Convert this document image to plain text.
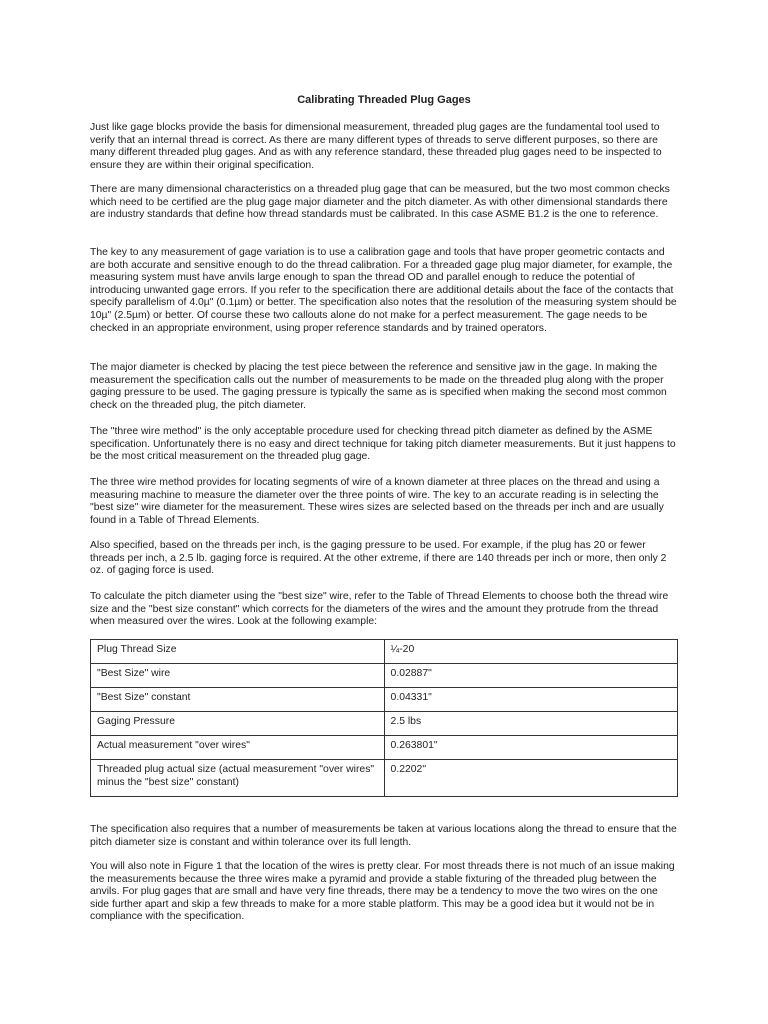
Calibrating Threaded Plug Gages

Just like gage blocks provide the basis for dimensional measurement, threaded plug gages are the fundamental tool used to verify that an internal thread is correct. As there are many different types of threads to serve different purposes, so there are many different threaded plug gages. And as with any reference standard, these threaded plug gages need to be inspected to ensure they are within their original specification.

There are many dimensional characteristics on a threaded plug gage that can be measured, but the two most common checks which need to be certified are the plug gage major diameter and the pitch diameter. As with other dimensional standards there are industry standards that define how thread standards must be calibrated. In this case ASME B1.2 is the one to reference.

The key to any measurement of gage variation is to use a calibration gage and tools that have proper geometric contacts and are both accurate and sensitive enough to do the thread calibration. For a threaded gage plug major diameter, for example, the measuring system must have anvils large enough to span the thread OD and parallel enough to reduce the potential of introducing unwanted gage errors. If you refer to the specification there are additional details about the face of the contacts that specify parallelism of 4.0µ" (0.1µm) or better. The specification also notes that the resolution of the measuring system should be 10µ" (2.5µm) or better. Of course these two callouts alone do not make for a perfect measurement. The gage needs to be checked in an appropriate environment, using proper reference standards and by trained operators.

The major diameter is checked by placing the test piece between the reference and sensitive jaw in the gage. In making the measurement the specification calls out the number of measurements to be made on the threaded plug along with the proper gaging pressure to be used. The gaging pressure is typically the same as is specified when making the second most common check on the threaded plug, the pitch diameter.

The "three wire method" is the only acceptable procedure used for checking thread pitch diameter as defined by the ASME specification. Unfortunately there is no easy and direct technique for taking pitch diameter measurements. But it just happens to be the most critical measurement on the threaded plug gage.

The three wire method provides for locating segments of wire of a known diameter at three places on the thread and using a measuring machine to measure the diameter over the three points of wire. The key to an accurate reading is in selecting the "best size" wire diameter for the measurement. These wires sizes are selected based on the threads per inch and are usually found in a Table of Thread Elements.

Also specified, based on the threads per inch, is the gaging pressure to be used. For example, if the plug has 20 or fewer threads per inch, a 2.5 lb. gaging force is required. At the other extreme, if there are 140 threads per inch or more, then only 2 oz. of gaging force is used.

To calculate the pitch diameter using the "best size" wire, refer to the Table of Thread Elements to choose both the thread wire size and the "best size constant" which corrects for the diameters of the wires and the amount they protrude from the thread when measured over the wires. Look at the following example:

Plug Thread Size	¼-20
"Best Size" wire	0.02887"
"Best Size" constant	0.04331"
Gaging Pressure	2.5 lbs
Actual measurement "over wires"	0.263801"
Threaded plug actual size (actual measurement "over wires" minus the "best size" constant)	0.2202"

The specification also requires that a number of measurements be taken at various locations along the thread to ensure that the pitch diameter size is constant and within tolerance over its full length.

You will also note in Figure 1 that the location of the wires is pretty clear. For most threads there is not much of an issue making the measurements because the three wires make a pyramid and provide a stable fixturing of the threaded plug between the anvils. For plug gages that are small and have very fine threads, there may be a tendency to move the two wires on the one side further apart and skip a few threads to make for a more stable platform. This may be a good idea but it would not be in compliance with the specification.
